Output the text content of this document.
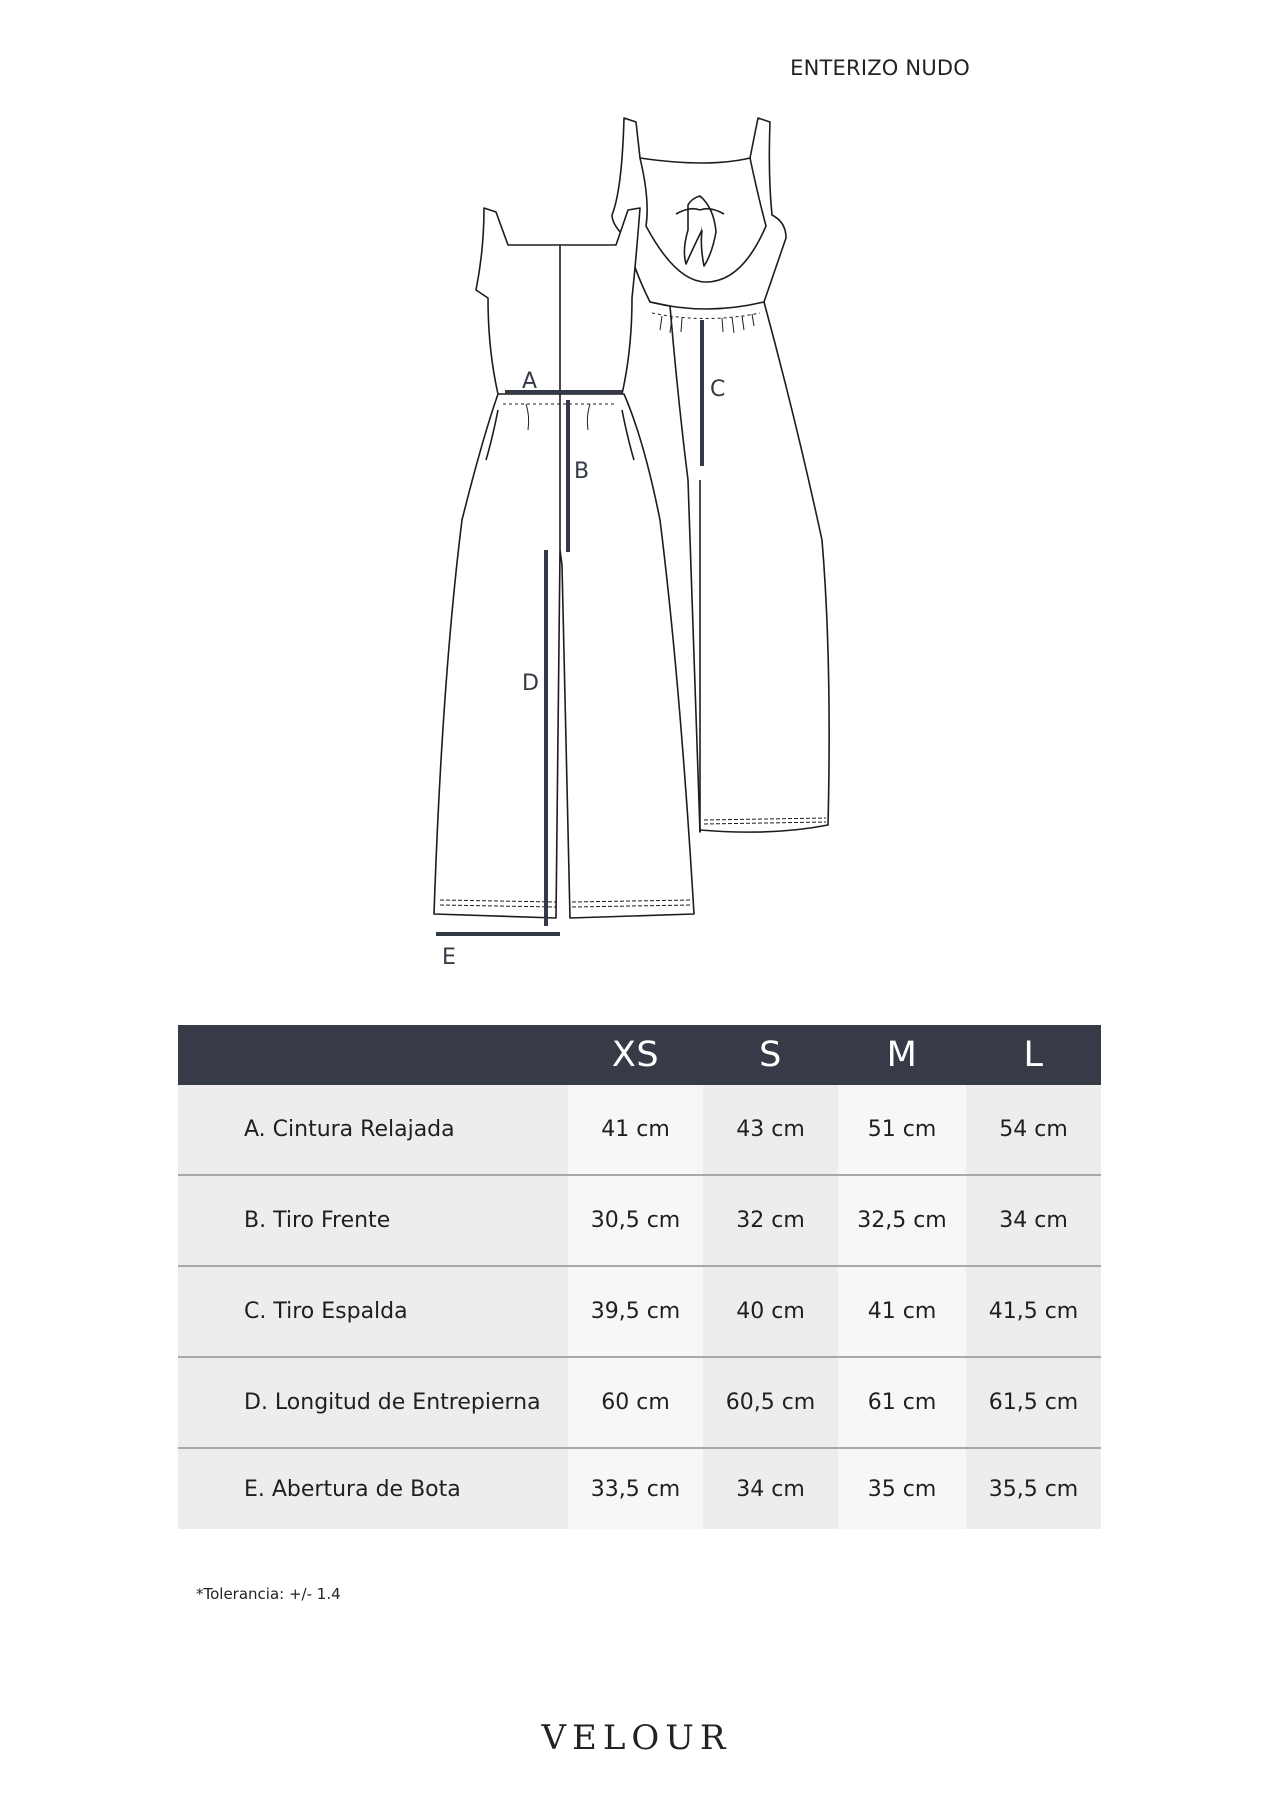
ENTERIZO NUDO
A
B
C
D
E
	XS	S	M	L
A. Cintura Relajada	41 cm	43 cm	51 cm	54 cm
B. Tiro Frente	30,5 cm	32 cm	32,5 cm	34 cm
C. Tiro Espalda	39,5 cm	40 cm	41 cm	41,5 cm
D. Longitud de Entrepierna	60 cm	60,5 cm	61 cm	61,5 cm
E. Abertura de Bota	33,5 cm	34 cm	35 cm	35,5 cm
*Tolerancia: +/- 1.4
VELOUR
